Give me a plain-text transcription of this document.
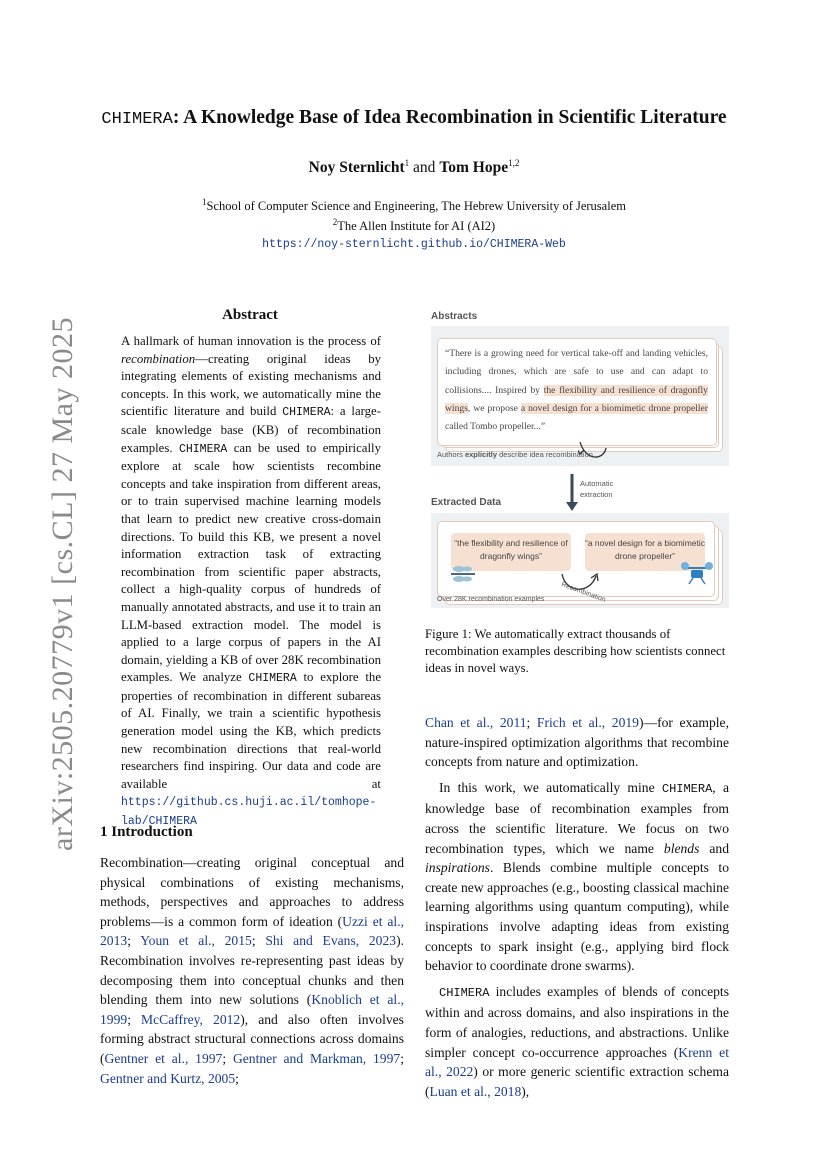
arXiv:2505.20779v1 [cs.CL] 27 May 2025
CHIMERA: A Knowledge Base of Idea Recombination in Scientific Literature
Noy Sternlicht$^1$ and Tom Hope$^{1,2}$
$^1$School of Computer Science and Engineering, The Hebrew University of Jerusalem
$^2$The Allen Institute for AI (AI2)
https://noy-sternlicht.github.io/CHIMERA-Web
Abstract
A hallmark of human innovation is the process of recombination—creating original ideas by integrating elements of existing mechanisms and concepts. In this work, we automatically mine the scientific literature and build CHIMERA: a large-scale knowledge base (KB) of recombination examples. CHIMERA can be used to empirically explore at scale how scientists recombine concepts and take inspiration from different areas, or to train supervised machine learning models that learn to predict new creative cross-domain directions. To build this KB, we present a novel information extraction task of extracting recombination from scientific paper abstracts, collect a high-quality corpus of hundreds of manually annotated abstracts, and use it to train an LLM-based extraction model. The model is applied to a large corpus of papers in the AI domain, yielding a KB of over 28K recombination examples. We analyze CHIMERA to explore the properties of recombination in different subareas of AI. Finally, we train a scientific hypothesis generation model using the KB, which predicts new recombination directions that real-world researchers find inspiring. Our data and code are available at https://github.cs.huji.ac.il/tomhope-lab/CHIMERA
1 Introduction
Recombination—creating original conceptual and physical combinations of existing mechanisms, methods, perspectives and approaches to address problems—is a common form of ideation (Uzzi et al., 2013; Youn et al., 2015; Shi and Evans, 2023). Recombination involves re-representing past ideas by decomposing them into conceptual chunks and then blending them into new solutions (Knoblich et al., 1999; McCaffrey, 2012), and also often involves forming abstract structural connections across domains (Gentner et al., 1997; Gentner and Markman, 1997; Gentner and Kurtz, 2005;
Abstracts
“There is a growing need for vertical take-off and landing vehicles, including drones, which are safe to use and can adapt to collisions.... Inspired by the flexibility and resilience of dragonfly wings, we propose a novel design for a biomimetic drone propeller called Tombo propeller...”
Authors explicitly describe idea recombination
Automatic extraction
Extracted Data
“the flexibility and resilience of dragonfly wings”
“a novel design for a biomimetic drone propeller”
Over 28K recombination examples Recombination
Figure 1: We automatically extract thousands of recombination examples describing how scientists connect ideas in novel ways.

Chan et al., 2011; Frich et al., 2019)—for example, nature-inspired optimization algorithms that recombine concepts from nature and optimization.

In this work, we automatically mine CHIMERA, a knowledge base of recombination examples from across the scientific literature. We focus on two recombination types, which we name blends and inspirations. Blends combine multiple concepts to create new approaches (e.g., boosting classical machine learning algorithms using quantum computing), while inspirations involve adapting ideas from existing concepts to spark insight (e.g., applying bird flock behavior to coordinate drone swarms).

CHIMERA includes examples of blends of concepts within and across domains, and also inspirations in the form of analogies, reductions, and abstractions. Unlike simpler concept co-occurrence approaches (Krenn et al., 2022) or more generic scientific extraction schema (Luan et al., 2018),
